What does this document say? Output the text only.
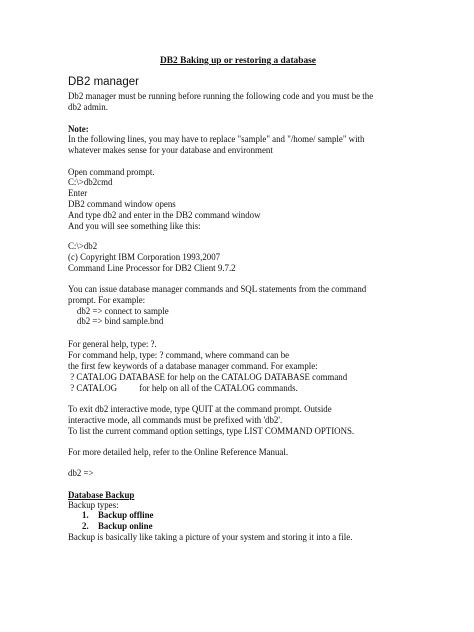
DB2 Baking up or restoring a database
DB2 manager
Db2 manager must be running before running the following code and you must be the
db2 admin.
Note:
In the following lines, you may have to replace "sample" and "/home/ sample" with
whatever makes sense for your database and environment
Open command prompt.
C:\>db2cmd
Enter
DB2 command window opens
And type db2 and enter in the DB2 command window
And you will see something like this:
C:\>db2
(c) Copyright IBM Corporation 1993,2007
Command Line Processor for DB2 Client 9.7.2
You can issue database manager commands and SQL statements from the command
prompt. For example:
db2 => connect to sample
db2 => bind sample.bnd
For general help, type: ?.
For command help, type: ? command, where command can be
the first few keywords of a database manager command. For example:
? CATALOG DATABASE for help on the CATALOG DATABASE command
? CATALOG          for help on all of the CATALOG commands.
To exit db2 interactive mode, type QUIT at the command prompt. Outside
interactive mode, all commands must be prefixed with 'db2'.
To list the current command option settings, type LIST COMMAND OPTIONS.
For more detailed help, refer to the Online Reference Manual.
db2 =>
Database Backup
Backup types:
1. Backup offline
2. Backup online
Backup is basically like taking a picture of your system and storing it into a file.
